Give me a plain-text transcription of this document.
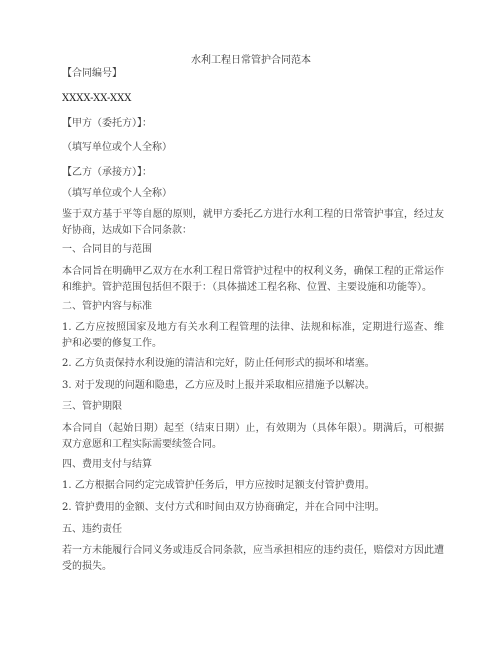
水利工程日常管护合同范本
【合同编号】
XXXX-XX-XXX
【甲方（委托方）】：
（填写单位或个人全称）
【乙方（承接方）】：
（填写单位或个人全称）
鉴于双方基于平等自愿的原则，就甲方委托乙方进行水利工程的日常管护事宜，经过友好协商，达成如下合同条款：
一、合同目的与范围
本合同旨在明确甲乙双方在水利工程日常管护过程中的权利义务，确保工程的正常运作和维护。管护范围包括但不限于：（具体描述工程名称、位置、主要设施和功能等）。
二、管护内容与标准
1. 乙方应按照国家及地方有关水利工程管理的法律、法规和标准，定期进行巡查、维护和必要的修复工作。
2. 乙方负责保持水利设施的清洁和完好，防止任何形式的损坏和堵塞。
3. 对于发现的问题和隐患，乙方应及时上报并采取相应措施予以解决。
三、管护期限
本合同自（起始日期）起至（结束日期）止，有效期为（具体年限）。期满后，可根据双方意愿和工程实际需要续签合同。
四、费用支付与结算
1. 乙方根据合同约定完成管护任务后，甲方应按时足额支付管护费用。
2. 管护费用的金额、支付方式和时间由双方协商确定，并在合同中注明。
五、违约责任
若一方未能履行合同义务或违反合同条款，应当承担相应的违约责任，赔偿对方因此遭受的损失。
